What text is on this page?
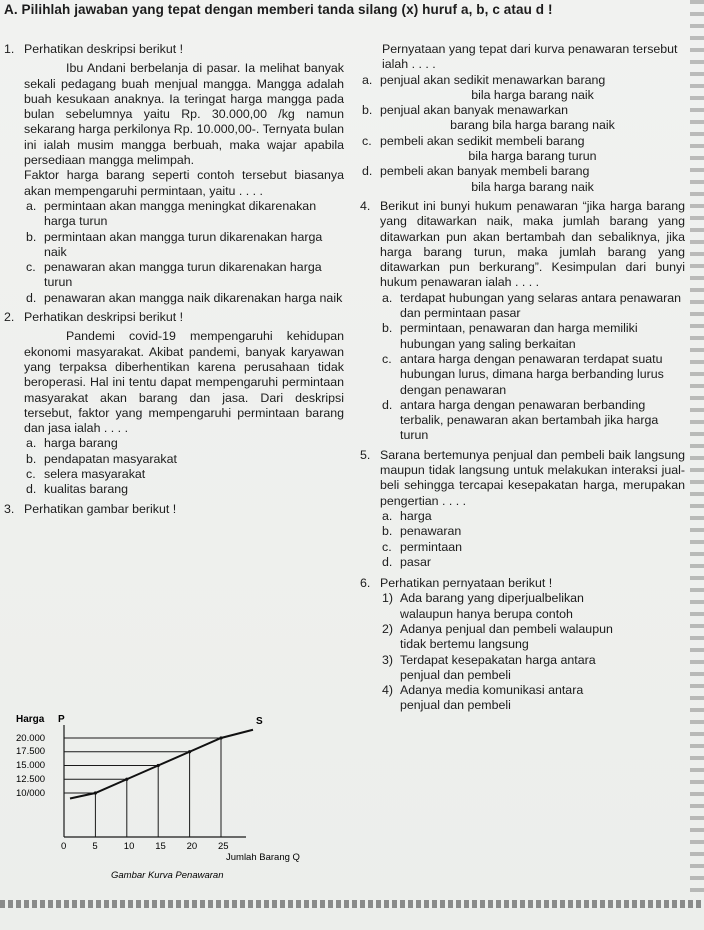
A. Pilihlah jawaban yang tepat dengan memberi tanda silang (x) huruf a, b, c atau d !
1. Perhatikan deskripsi berikut !
Ibu Andani berbelanja di pasar. Ia melihat banyak sekali pedagang buah menjual mangga. Mangga adalah buah kesukaan anaknya. Ia teringat harga mangga pada bulan sebelumnya yaitu Rp. 30.000,00 /kg namun sekarang harga perkilonya Rp. 10.000,00-. Ternyata bulan ini ialah musim mangga berbuah, maka wajar apabila persediaan mangga melimpah.
Faktor harga barang seperti contoh tersebut biasanya akan mempengaruhi permintaan, yaitu . . . .
a. permintaan akan mangga meningkat dikarenakan harga turun
b. permintaan akan mangga turun dikarenakan harga naik
c. penawaran akan mangga turun dikarenakan harga turun
d. penawaran akan mangga naik dikarenakan harga naik
2. Perhatikan deskripsi berikut !
Pandemi covid-19 mempengaruhi kehidupan ekonomi masyarakat. Akibat pandemi, banyak karyawan yang terpaksa diberhentikan karena perusahaan tidak beroperasi. Hal ini tentu dapat mempengaruhi permintaan masyarakat akan barang dan jasa. Dari deskripsi tersebut, faktor yang mempengaruhi permintaan barang dan jasa ialah . . . .
a. harga barang
b. pendapatan masyarakat
c. selera masyarakat
d. kualitas barang
3. Perhatikan gambar berikut !
Harga P	S
20.000
17.500
15.000
12.500
10/000
0	5	10 15 20 25
Jumlah Barang Q
Gambar Kurva Penawaran
Pernyataan yang tepat dari kurva penawaran tersebut ialah . . . .
a. penjual akan sedikit menawarkan barang
bila harga barang naik
b. penjual akan banyak menawarkan
barang bila harga barang naik
c. pembeli akan sedikit membeli barang
bila harga barang turun
d. pembeli akan banyak membeli barang
bila harga barang naik
4. Berikut ini bunyi hukum penawaran “jika harga barang yang ditawarkan naik, maka jumlah barang yang ditawarkan pun akan bertambah dan sebaliknya, jika harga barang turun, maka jumlah barang yang ditawarkan pun berkurang”. Kesimpulan dari bunyi hukum penawaran ialah . . . .
a. terdapat hubungan yang selaras antara penawaran dan permintaan pasar
b. permintaan, penawaran dan harga memiliki hubungan yang saling berkaitan
c. antara harga dengan penawaran terdapat suatu hubungan lurus, dimana harga berbanding lurus dengan penawaran
d. antara harga dengan penawaran berbanding terbalik, penawaran akan bertambah jika harga turun
5. Sarana bertemunya penjual dan pembeli baik langsung maupun tidak langsung untuk melakukan interaksi jual-beli sehingga tercapai kesepakatan harga, merupakan pengertian . . . .
a. harga
b. penawaran
c. permintaan
d. pasar
6. Perhatikan pernyataan berikut !
1) Ada barang yang diperjualbelikan
walaupun hanya berupa contoh
2) Adanya penjual dan pembeli walaupun
tidak bertemu langsung
3) Terdapat kesepakatan harga antara
penjual dan pembeli
4) Adanya media komunikasi antara
penjual dan pembeli
